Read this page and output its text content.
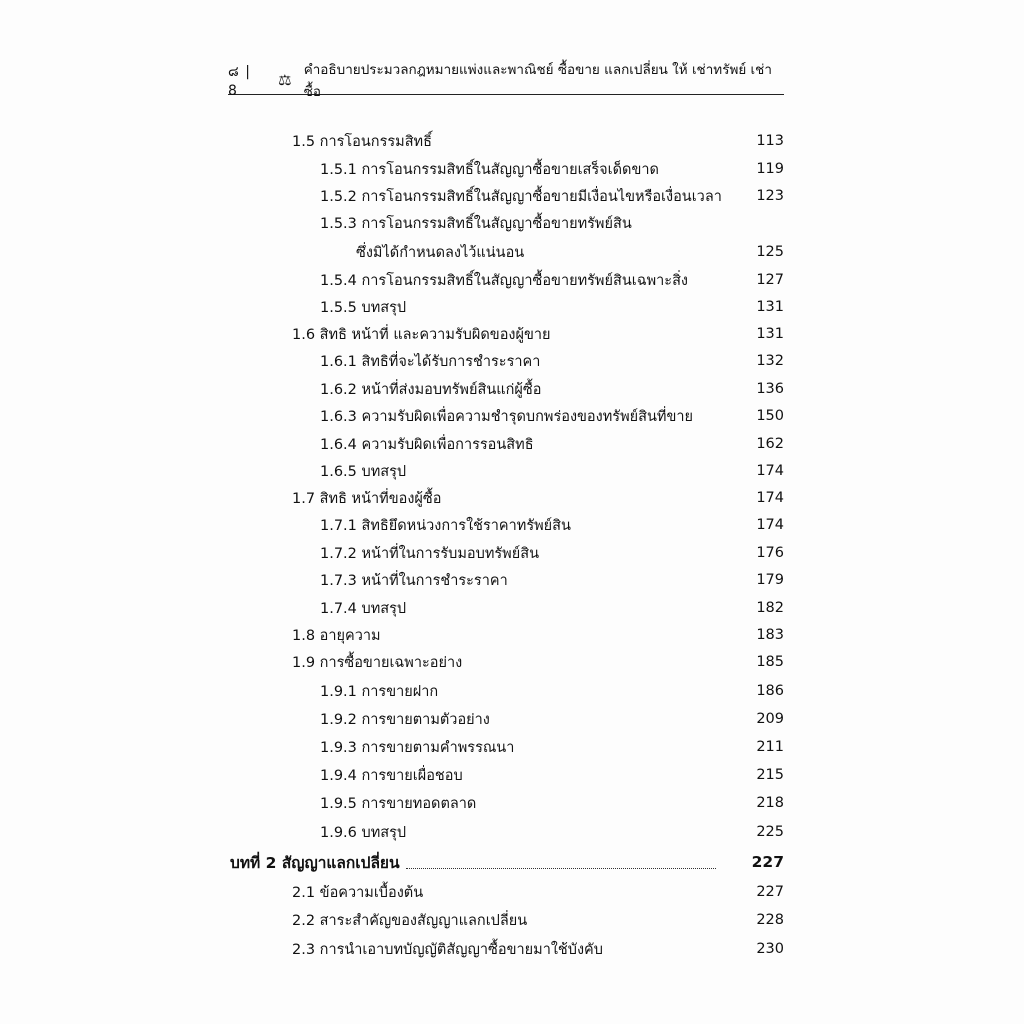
๘ | 8
⚖
คำอธิบายประมวลกฎหมายแพ่งและพาณิชย์ ซื้อขาย แลกเปลี่ยน ให้ เช่าทรัพย์ เช่าซื้อ
1.5 การโอนกรรมสิทธิ์	113
1.5.1 การโอนกรรมสิทธิ์ในสัญญาซื้อขายเสร็จเด็ดขาด	119
1.5.2 การโอนกรรมสิทธิ์ในสัญญาซื้อขายมีเงื่อนไขหรือเงื่อนเวลา	123
1.5.3 การโอนกรรมสิทธิ์ในสัญญาซื้อขายทรัพย์สิน
ซึ่งมิได้กำหนดลงไว้แน่นอน	125
1.5.4 การโอนกรรมสิทธิ์ในสัญญาซื้อขายทรัพย์สินเฉพาะสิ่ง	127
1.5.5 บทสรุป	131
1.6 สิทธิ หน้าที่ และความรับผิดของผู้ขาย	131
1.6.1 สิทธิที่จะได้รับการชำระราคา	132
1.6.2 หน้าที่ส่งมอบทรัพย์สินแก่ผู้ซื้อ	136
1.6.3 ความรับผิดเพื่อความชำรุดบกพร่องของทรัพย์สินที่ขาย	150
1.6.4 ความรับผิดเพื่อการรอนสิทธิ	162
1.6.5 บทสรุป	174
1.7 สิทธิ หน้าที่ของผู้ซื้อ	174
1.7.1 สิทธิยึดหน่วงการใช้ราคาทรัพย์สิน	174
1.7.2 หน้าที่ในการรับมอบทรัพย์สิน	176
1.7.3 หน้าที่ในการชำระราคา	179
1.7.4 บทสรุป	182
1.8 อายุความ	183
1.9 การซื้อขายเฉพาะอย่าง	185
1.9.1 การขายฝาก	186
1.9.2 การขายตามตัวอย่าง	209
1.9.3 การขายตามคำพรรณนา	211
1.9.4 การขายเผื่อชอบ	215
1.9.5 การขายทอดตลาด	218
1.9.6 บทสรุป	225
บทที่ 2 สัญญาแลกเปลี่ยน	227
2.1 ข้อความเบื้องต้น	227
2.2 สาระสำคัญของสัญญาแลกเปลี่ยน	228
2.3 การนำเอาบทบัญญัติสัญญาซื้อขายมาใช้บังคับ	230
